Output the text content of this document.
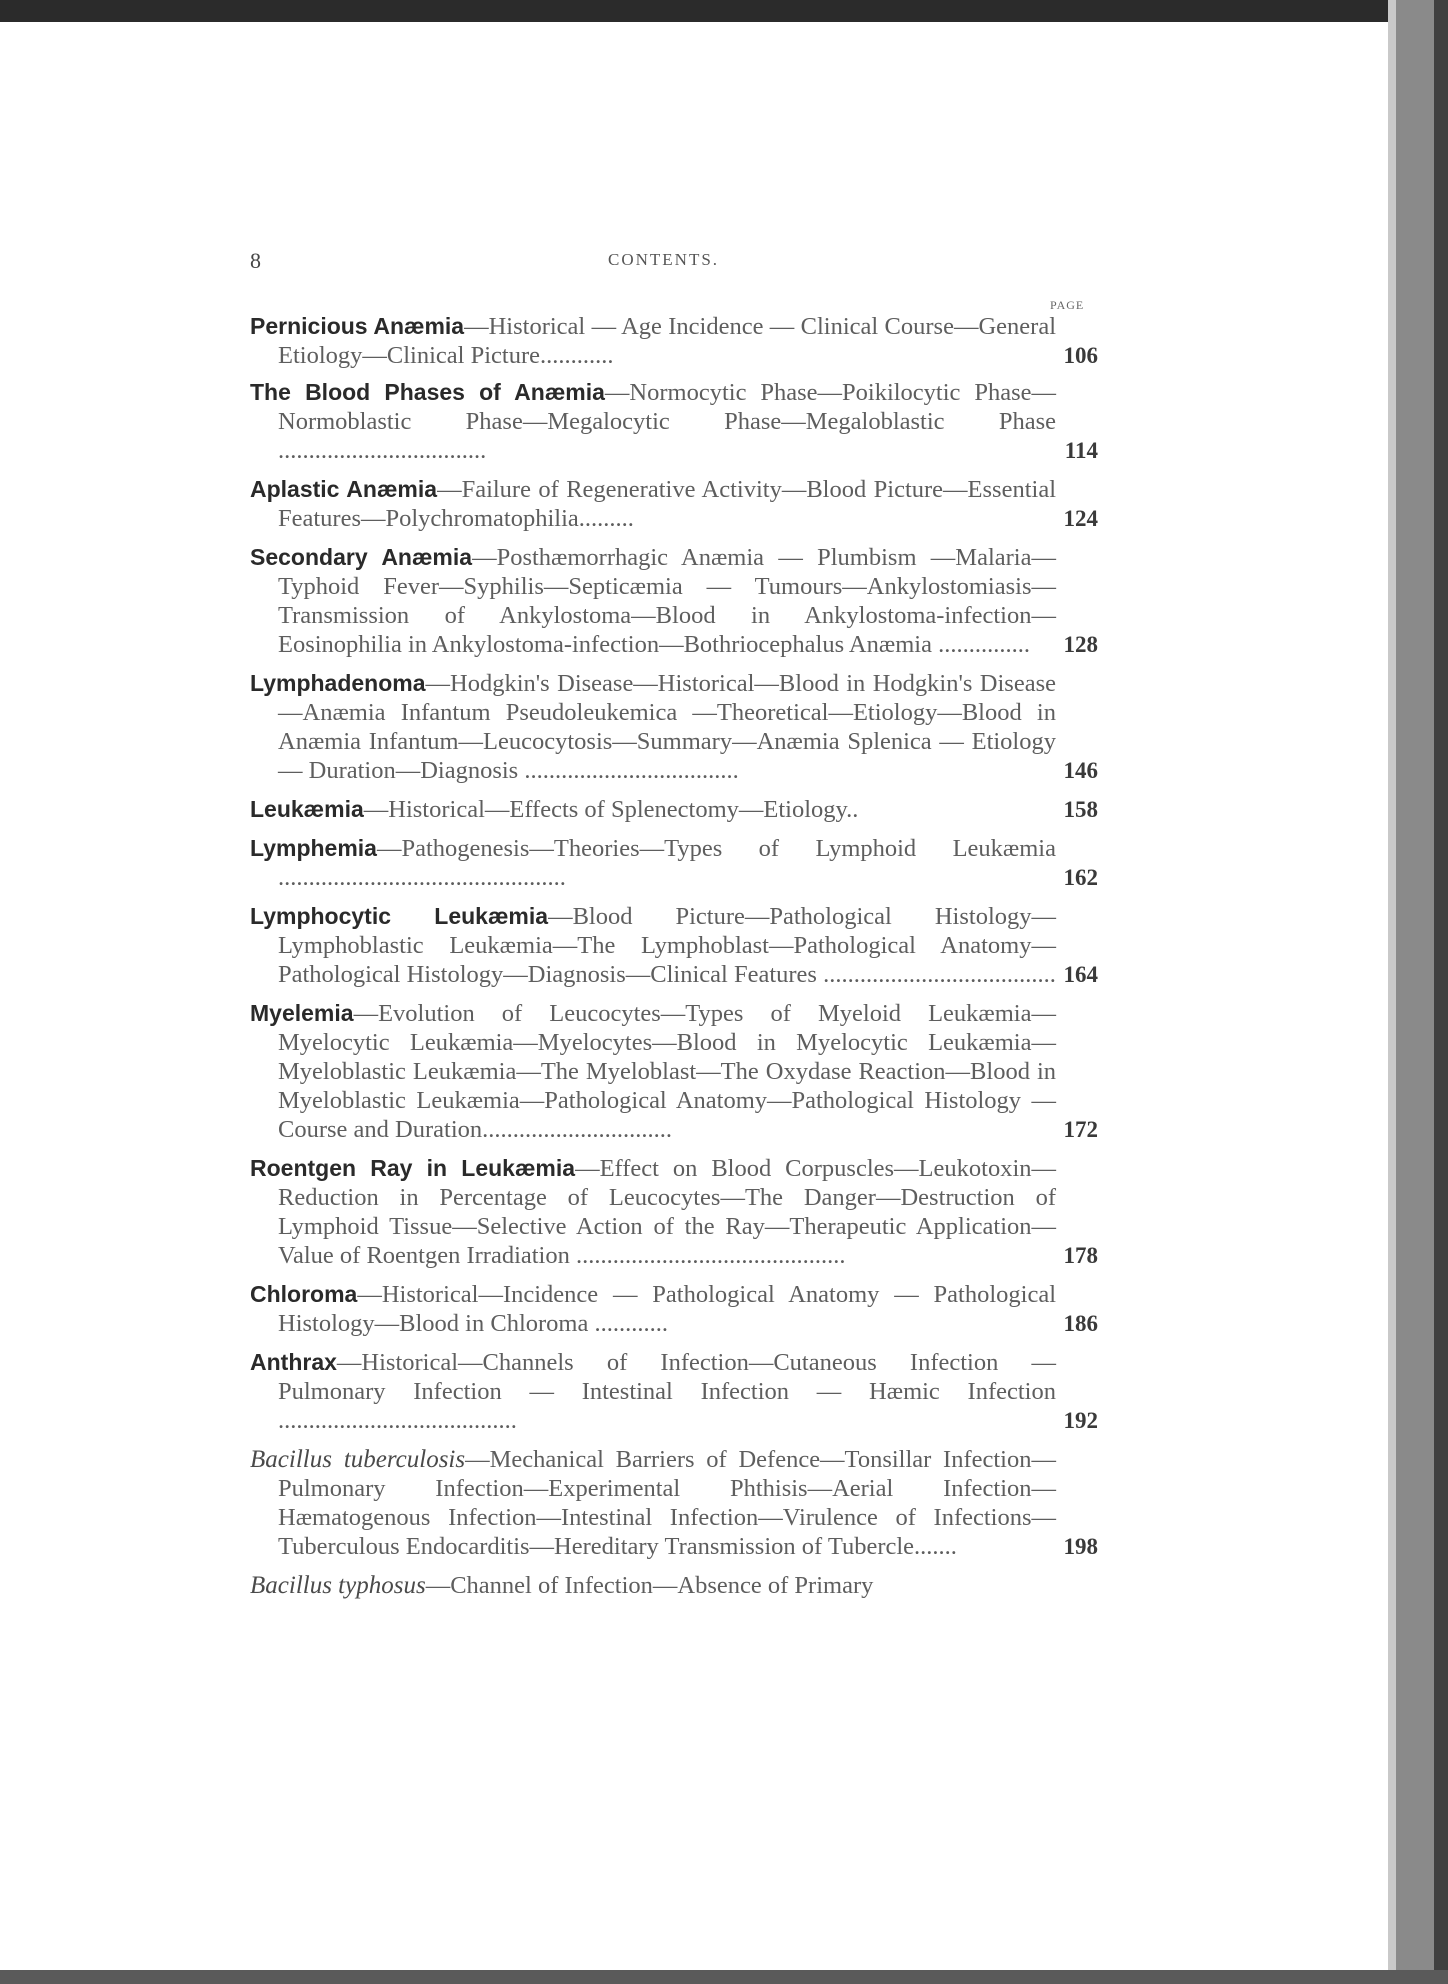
8	CONTENTS.
PAGE
Pernicious Anæmia—Historical — Age Incidence — Clinical Course—General Etiology—Clinical Picture............	106
The Blood Phases of Anæmia—Normocytic Phase—Poikilocytic Phase—Normoblastic Phase—Megalocytic Phase—Megaloblastic Phase ..................................	114
Aplastic Anæmia—Failure of Regenerative Activity—Blood Picture—Essential Features—Polychromatophilia.........	124
Secondary Anæmia—Posthæmorrhagic Anæmia — Plumbism —Malaria—Typhoid Fever—Syphilis—Septicæmia — Tumours—Ankylostomiasis—Transmission of Ankylostoma—Blood in Ankylostoma-infection—Eosinophilia in Ankylostoma-infection—Bothriocephalus Anæmia ...............	128
Lymphadenoma—Hodgkin's Disease—Historical—Blood in Hodgkin's Disease—Anæmia Infantum Pseudoleukemica —Theoretical—Etiology—Blood in Anæmia Infantum—Leucocytosis—Summary—Anæmia Splenica — Etiology — Duration—Diagnosis ...................................	146
Leukæmia—Historical—Effects of Splenectomy—Etiology..	158
Lymphemia—Pathogenesis—Theories—Types of Lymphoid Leukæmia ...............................................	162
Lymphocytic Leukæmia—Blood Picture—Pathological Histology—Lymphoblastic Leukæmia—The Lymphoblast—Pathological Anatomy—Pathological Histology—Diagnosis—Clinical Features ...................................... 164
Myelemia—Evolution of Leucocytes—Types of Myeloid Leukæmia—Myelocytic Leukæmia—Myelocytes—Blood in Myelocytic Leukæmia—Myeloblastic Leukæmia—The Myeloblast—The Oxydase Reaction—Blood in Myeloblastic Leukæmia—Pathological Anatomy—Pathological Histology —Course and Duration...............................	172
Roentgen Ray in Leukæmia—Effect on Blood Corpuscles—Leukotoxin—Reduction in Percentage of Leucocytes—The Danger—Destruction of Lymphoid Tissue—Selective Action of the Ray—Therapeutic Application—Value of Roentgen Irradiation ............................................	178
Chloroma—Historical—Incidence — Pathological Anatomy — Pathological Histology—Blood in Chloroma ............	186
Anthrax—Historical—Channels of Infection—Cutaneous Infection — Pulmonary Infection — Intestinal Infection — Hæmic Infection .......................................	192
Bacillus tuberculosis—Mechanical Barriers of Defence—Tonsillar Infection—Pulmonary Infection—Experimental Phthisis—Aerial Infection—Hæmatogenous Infection—Intestinal Infection—Virulence of Infections—Tuberculous Endocarditis—Hereditary Transmission of Tubercle.......	198
Bacillus typhosus—Channel of Infection—Absence of Primary
